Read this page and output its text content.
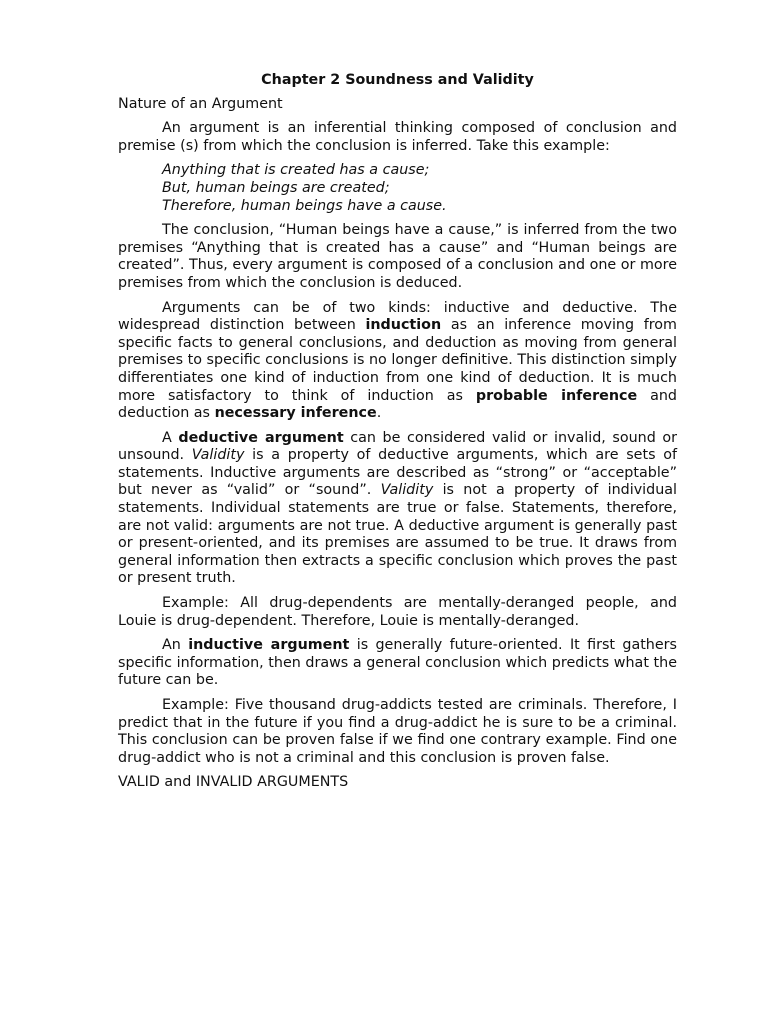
Chapter 2 Soundness and Validity
Nature of an Argument

An argument is an inferential thinking composed of conclusion and premise (s) from which the conclusion is inferred. Take this example:

Anything that is created has a cause;
But, human beings are created;
Therefore, human beings have a cause.

The conclusion, “Human beings have a cause,” is inferred from the two premises “Anything that is created has a cause” and “Human beings are created”. Thus, every argument is composed of a conclusion and one or more premises from which the conclusion is deduced.

Arguments can be of two kinds: inductive and deductive. The widespread distinction between induction as an inference moving from specific facts to general conclusions, and deduction as moving from general premises to specific conclusions is no longer definitive. This distinction simply differentiates one kind of induction from one kind of deduction. It is much more satisfactory to think of induction as probable inference and deduction as necessary inference.

A deductive argument can be considered valid or invalid, sound or unsound. Validity is a property of deductive arguments, which are sets of statements. Inductive arguments are described as “strong” or “acceptable” but never as “valid” or “sound”. Validity is not a property of individual statements. Individual statements are true or false. Statements, therefore, are not valid: arguments are not true. A deductive argument is generally past or present-oriented, and its premises are assumed to be true. It draws from general information then extracts a specific conclusion which proves the past or present truth.

Example: All drug-dependents are mentally-deranged people, and Louie is drug-dependent. Therefore, Louie is mentally-deranged.

An inductive argument is generally future-oriented. It first gathers specific information, then draws a general conclusion which predicts what the future can be.

Example: Five thousand drug-addicts tested are criminals. Therefore, I predict that in the future if you find a drug-addict he is sure to be a criminal. This conclusion can be proven false if we find one contrary example. Find one drug-addict who is not a criminal and this conclusion is proven false.

VALID and INVALID ARGUMENTS
